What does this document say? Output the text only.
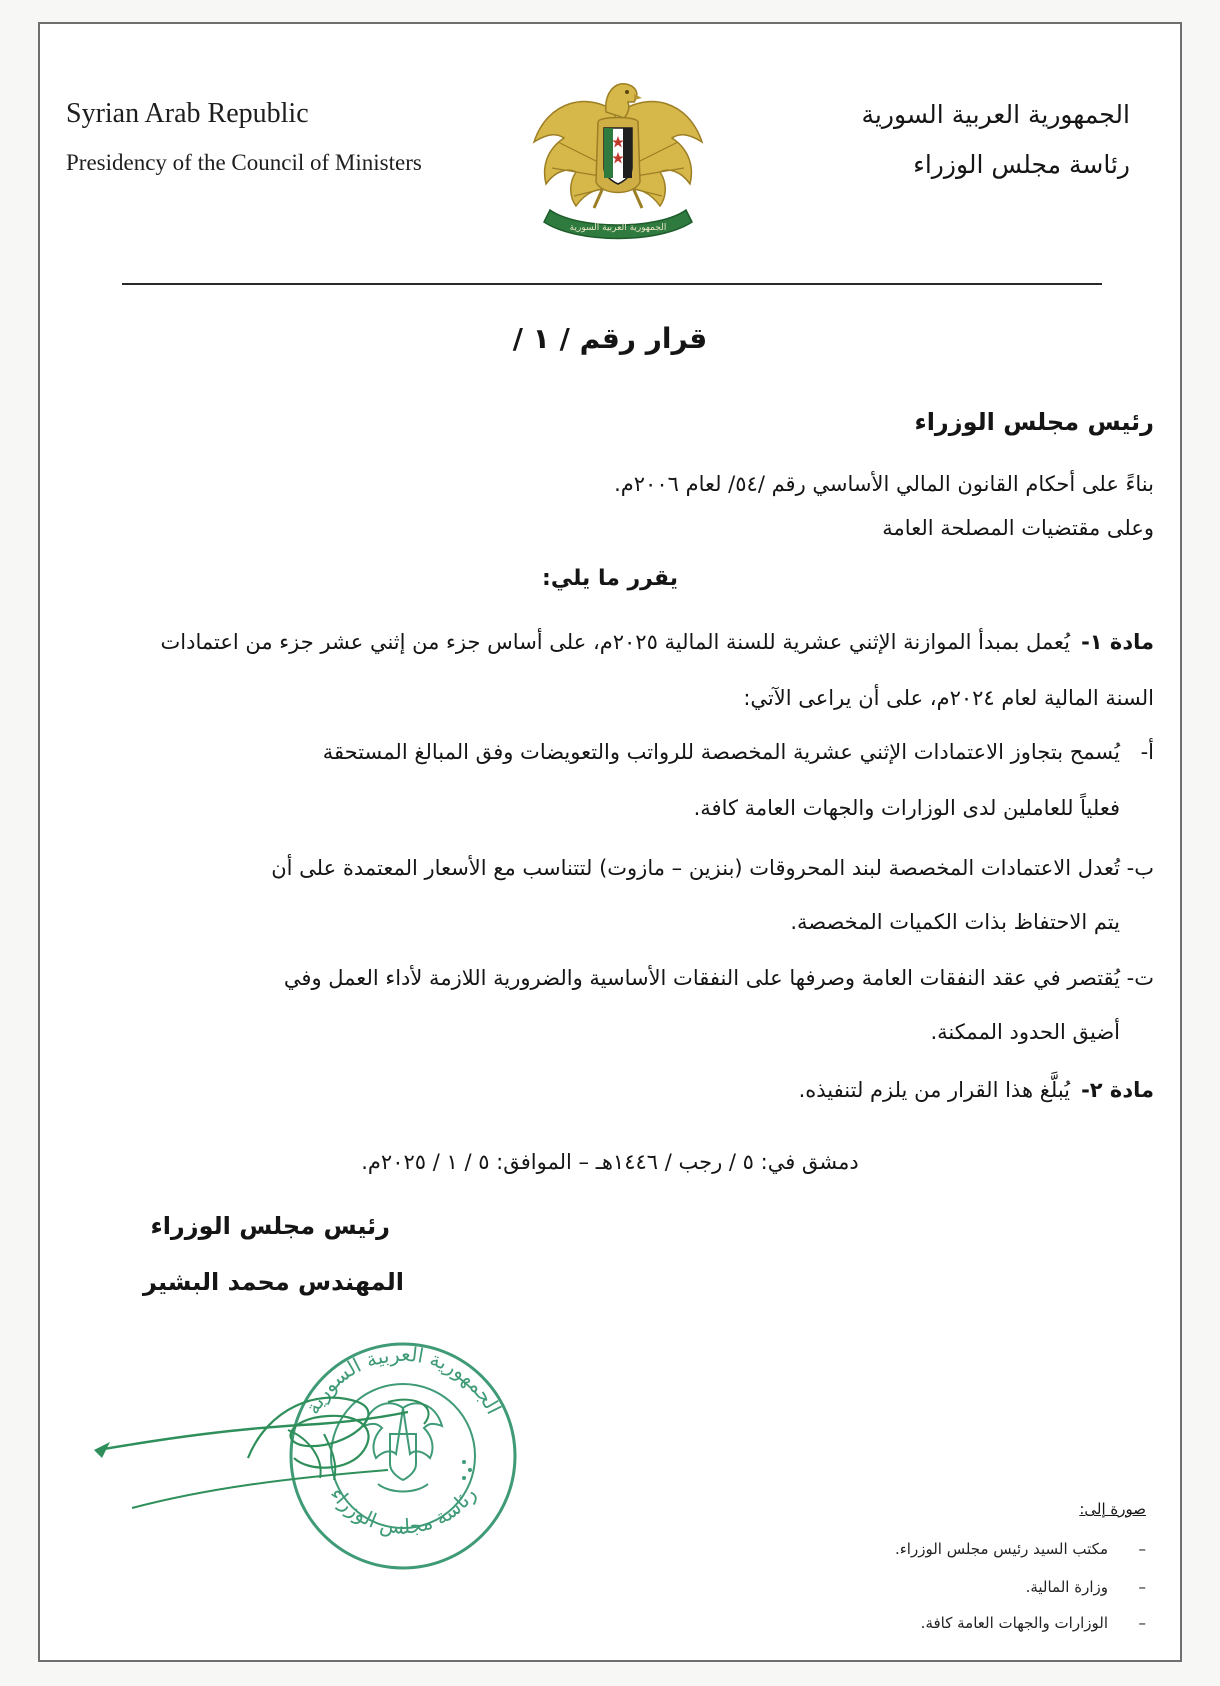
Syrian Arab Republic
Presidency of the Council of Ministers
الجمهورية العربية السورية
رئاسة مجلس الوزراء
الجمهورية العربية السورية
قرار رقم / ١ /
رئيس مجلس الوزراء
بناءً على أحكام القانون المالي الأساسي رقم /٥٤/ لعام ٢٠٠٦م.
وعلى مقتضيات المصلحة العامة
يقرر ما يلي:
مادة ١-
يُعمل بمبدأ الموازنة الإثني عشرية للسنة المالية ٢٠٢٥م، على أساس جزء من إثني عشر جزء من اعتمادات
السنة المالية لعام ٢٠٢٤م، على أن يراعى الآتي:
أ-
يُسمح بتجاوز الاعتمادات الإثني عشرية المخصصة للرواتب والتعويضات وفق المبالغ المستحقة
فعلياً للعاملين لدى الوزارات والجهات العامة كافة.
ب-
تُعدل الاعتمادات المخصصة لبند المحروقات (بنزين – مازوت) لتتناسب مع الأسعار المعتمدة على أن
يتم الاحتفاظ بذات الكميات المخصصة.
ت-
يُقتصر في عقد النفقات العامة وصرفها على النفقات الأساسية والضرورية اللازمة لأداء العمل وفي
أضيق الحدود الممكنة.
مادة ٢-
يُبلَّغ هذا القرار من يلزم لتنفيذه.
دمشق في: ٥ / رجب / ١٤٤٦هـ – الموافق: ٥ / ١ / ٢٠٢٥م.
رئيس مجلس الوزراء
المهندس محمد البشير
الجمهورية العربية السورية
رئاسة مجلس الوزراء
صورة إلى:
مكتب السيد رئيس مجلس الوزراء. –
وزارة المالية. –
الوزارات والجهات العامة كافة. –
